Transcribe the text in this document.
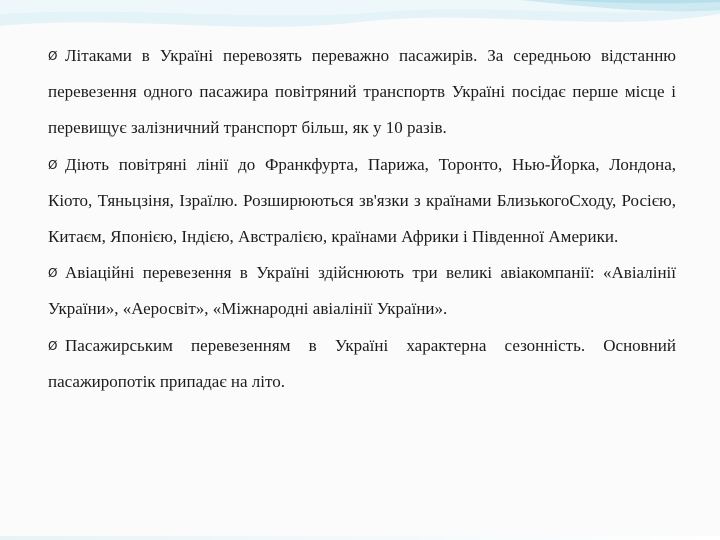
Ø Літаками в Україні перевозять переважно пасажирів. За середньою відстанню перевезення одного пасажира повітряний транспортв Україні посідає перше місце і перевищує залізничний транспорт більш, як у 10 разів.

Ø Діють повітряні лінії до Франкфурта, Парижа, Торонто, Нью-Йорка, Лондона, Кіото, Тяньцзіня, Ізраїлю. Розширюються зв'язки з країнами БлизькогоСходу, Росією, Китаєм, Японією, Індією, Австралією, країнами Африки і Південної Америки.

Ø Авіаційні перевезення в Україні здійснюють три великі авіакомпанії: «Авіалінії України», «Аеросвіт», «Міжнародні авіалінії України».

Ø Пасажирським перевезенням в Україні характерна сезонність. Основний пасажиропотік припадає на літо.
